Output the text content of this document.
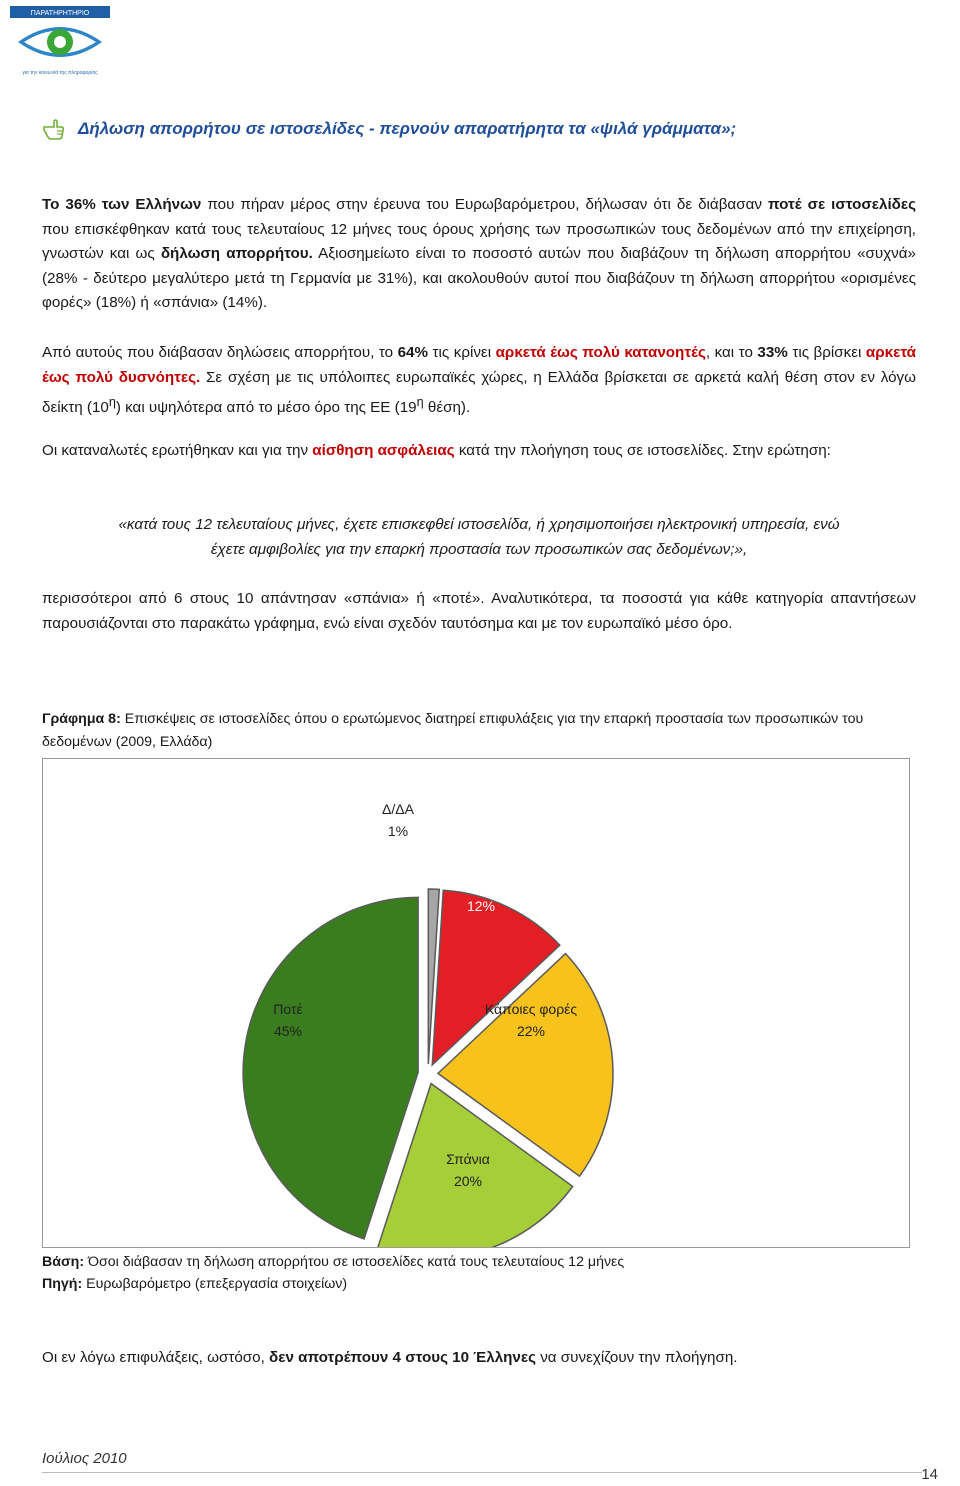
ΠΑΡΑΤΗΡΗΤΗΡΙΟ
για την κοινωνία της πληροφορίας
Δήλωση απορρήτου σε ιστοσελίδες - περνούν απαρατήρητα τα «ψιλά γράμματα»;
Το 36% των Ελλήνων που πήραν μέρος στην έρευνα του Ευρωβαρόμετρου, δήλωσαν ότι δε διάβασαν ποτέ σε ιστοσελίδες που επισκέφθηκαν κατά τους τελευταίους 12 μήνες τους όρους χρήσης των προσωπικών τους δεδομένων από την επιχείρηση, γνωστών και ως δήλωση απορρήτου. Αξιοσημείωτο είναι το ποσοστό αυτών που διαβάζουν τη δήλωση απορρήτου «συχνά» (28% - δεύτερο μεγαλύτερο μετά τη Γερμανία με 31%), και ακολουθούν αυτοί που διαβάζουν τη δήλωση απορρήτου «ορισμένες φορές» (18%) ή «σπάνια» (14%).
Από αυτούς που διάβασαν δηλώσεις απορρήτου, το 64% τις κρίνει αρκετά έως πολύ κατανοητές, και το 33% τις βρίσκει αρκετά έως πολύ δυσνόητες. Σε σχέση με τις υπόλοιπες ευρωπαϊκές χώρες, η Ελλάδα βρίσκεται σε αρκετά καλή θέση στον εν λόγω δείκτη $(10^\eta)$ και υψηλότερα από το μέσο όρο της ΕΕ ($19^\eta$ θέση).
Οι καταναλωτές ερωτήθηκαν και για την αίσθηση ασφάλειας κατά την πλοήγηση τους σε ιστοσελίδες. Στην ερώτηση:
«κατά τους 12 τελευταίους μήνες, έχετε επισκεφθεί ιστοσελίδα, ή χρησιμοποιήσει ηλεκτρονική υπηρεσία, ενώ
έχετε αμφιβολίες για την επαρκή προστασία των προσωπικών σας δεδομένων;»,
περισσότεροι από 6 στους 10 απάντησαν «σπάνια» ή «ποτέ». Αναλυτικότερα, τα ποσοστά για κάθε κατηγορία απαντήσεων παρουσιάζονται στο παρακάτω γράφημα, ενώ είναι σχεδόν ταυτόσημα και με τον ευρωπαϊκό μέσο όρο.
Γράφημα 8: Επισκέψεις σε ιστοσελίδες όπου ο ερωτώμενος διατηρεί επιφυλάξεις για την επαρκή προστασία των προσωπικών του δεδομένων (2009, Ελλάδα)
Δ/ΔΑ
1%
Συχνά
12%
Κάποιες φορές
22%
Σπάνια
20%
Ποτέ
45%
Βάση: Όσοι διάβασαν τη δήλωση απορρήτου σε ιστοσελίδες κατά τους τελευταίους 12 μήνες
Πηγή: Ευρωβαρόμετρο (επεξεργασία στοιχείων)
Οι εν λόγω επιφυλάξεις, ωστόσο, δεν αποτρέπουν 4 στους 10 Έλληνες να συνεχίζουν την πλοήγηση.
Ιούλιος 2010
14
